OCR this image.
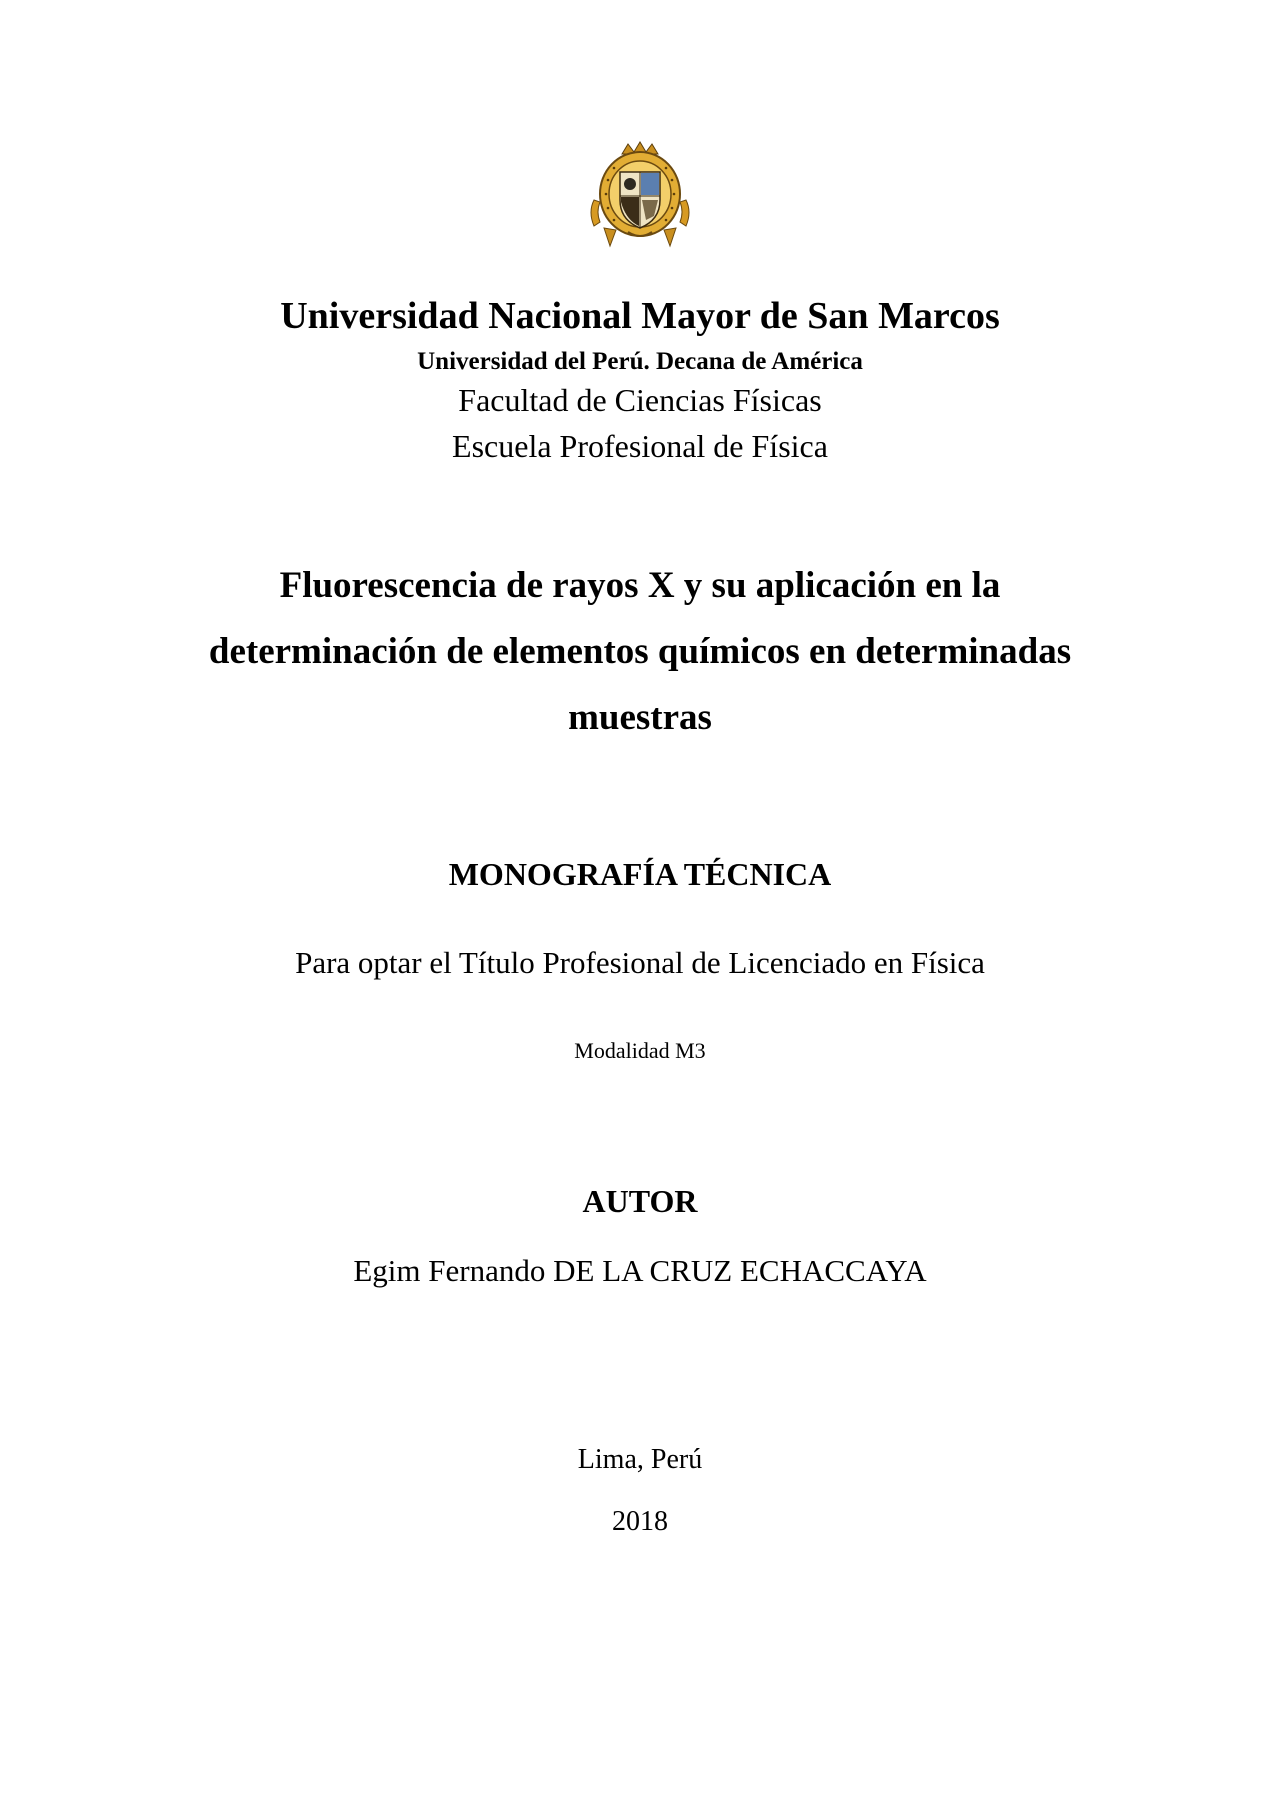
Universidad Nacional Mayor de San Marcos
Universidad del Perú. Decana de América
Facultad de Ciencias Físicas
Escuela Profesional de Física
Fluorescencia de rayos X y su aplicación en la
determinación de elementos químicos en determinadas
muestras
MONOGRAFÍA TÉCNICA
Para optar el Título Profesional de Licenciado en Física
Modalidad M3
AUTOR
Egim Fernando DE LA CRUZ ECHACCAYA
Lima, Perú
2018
